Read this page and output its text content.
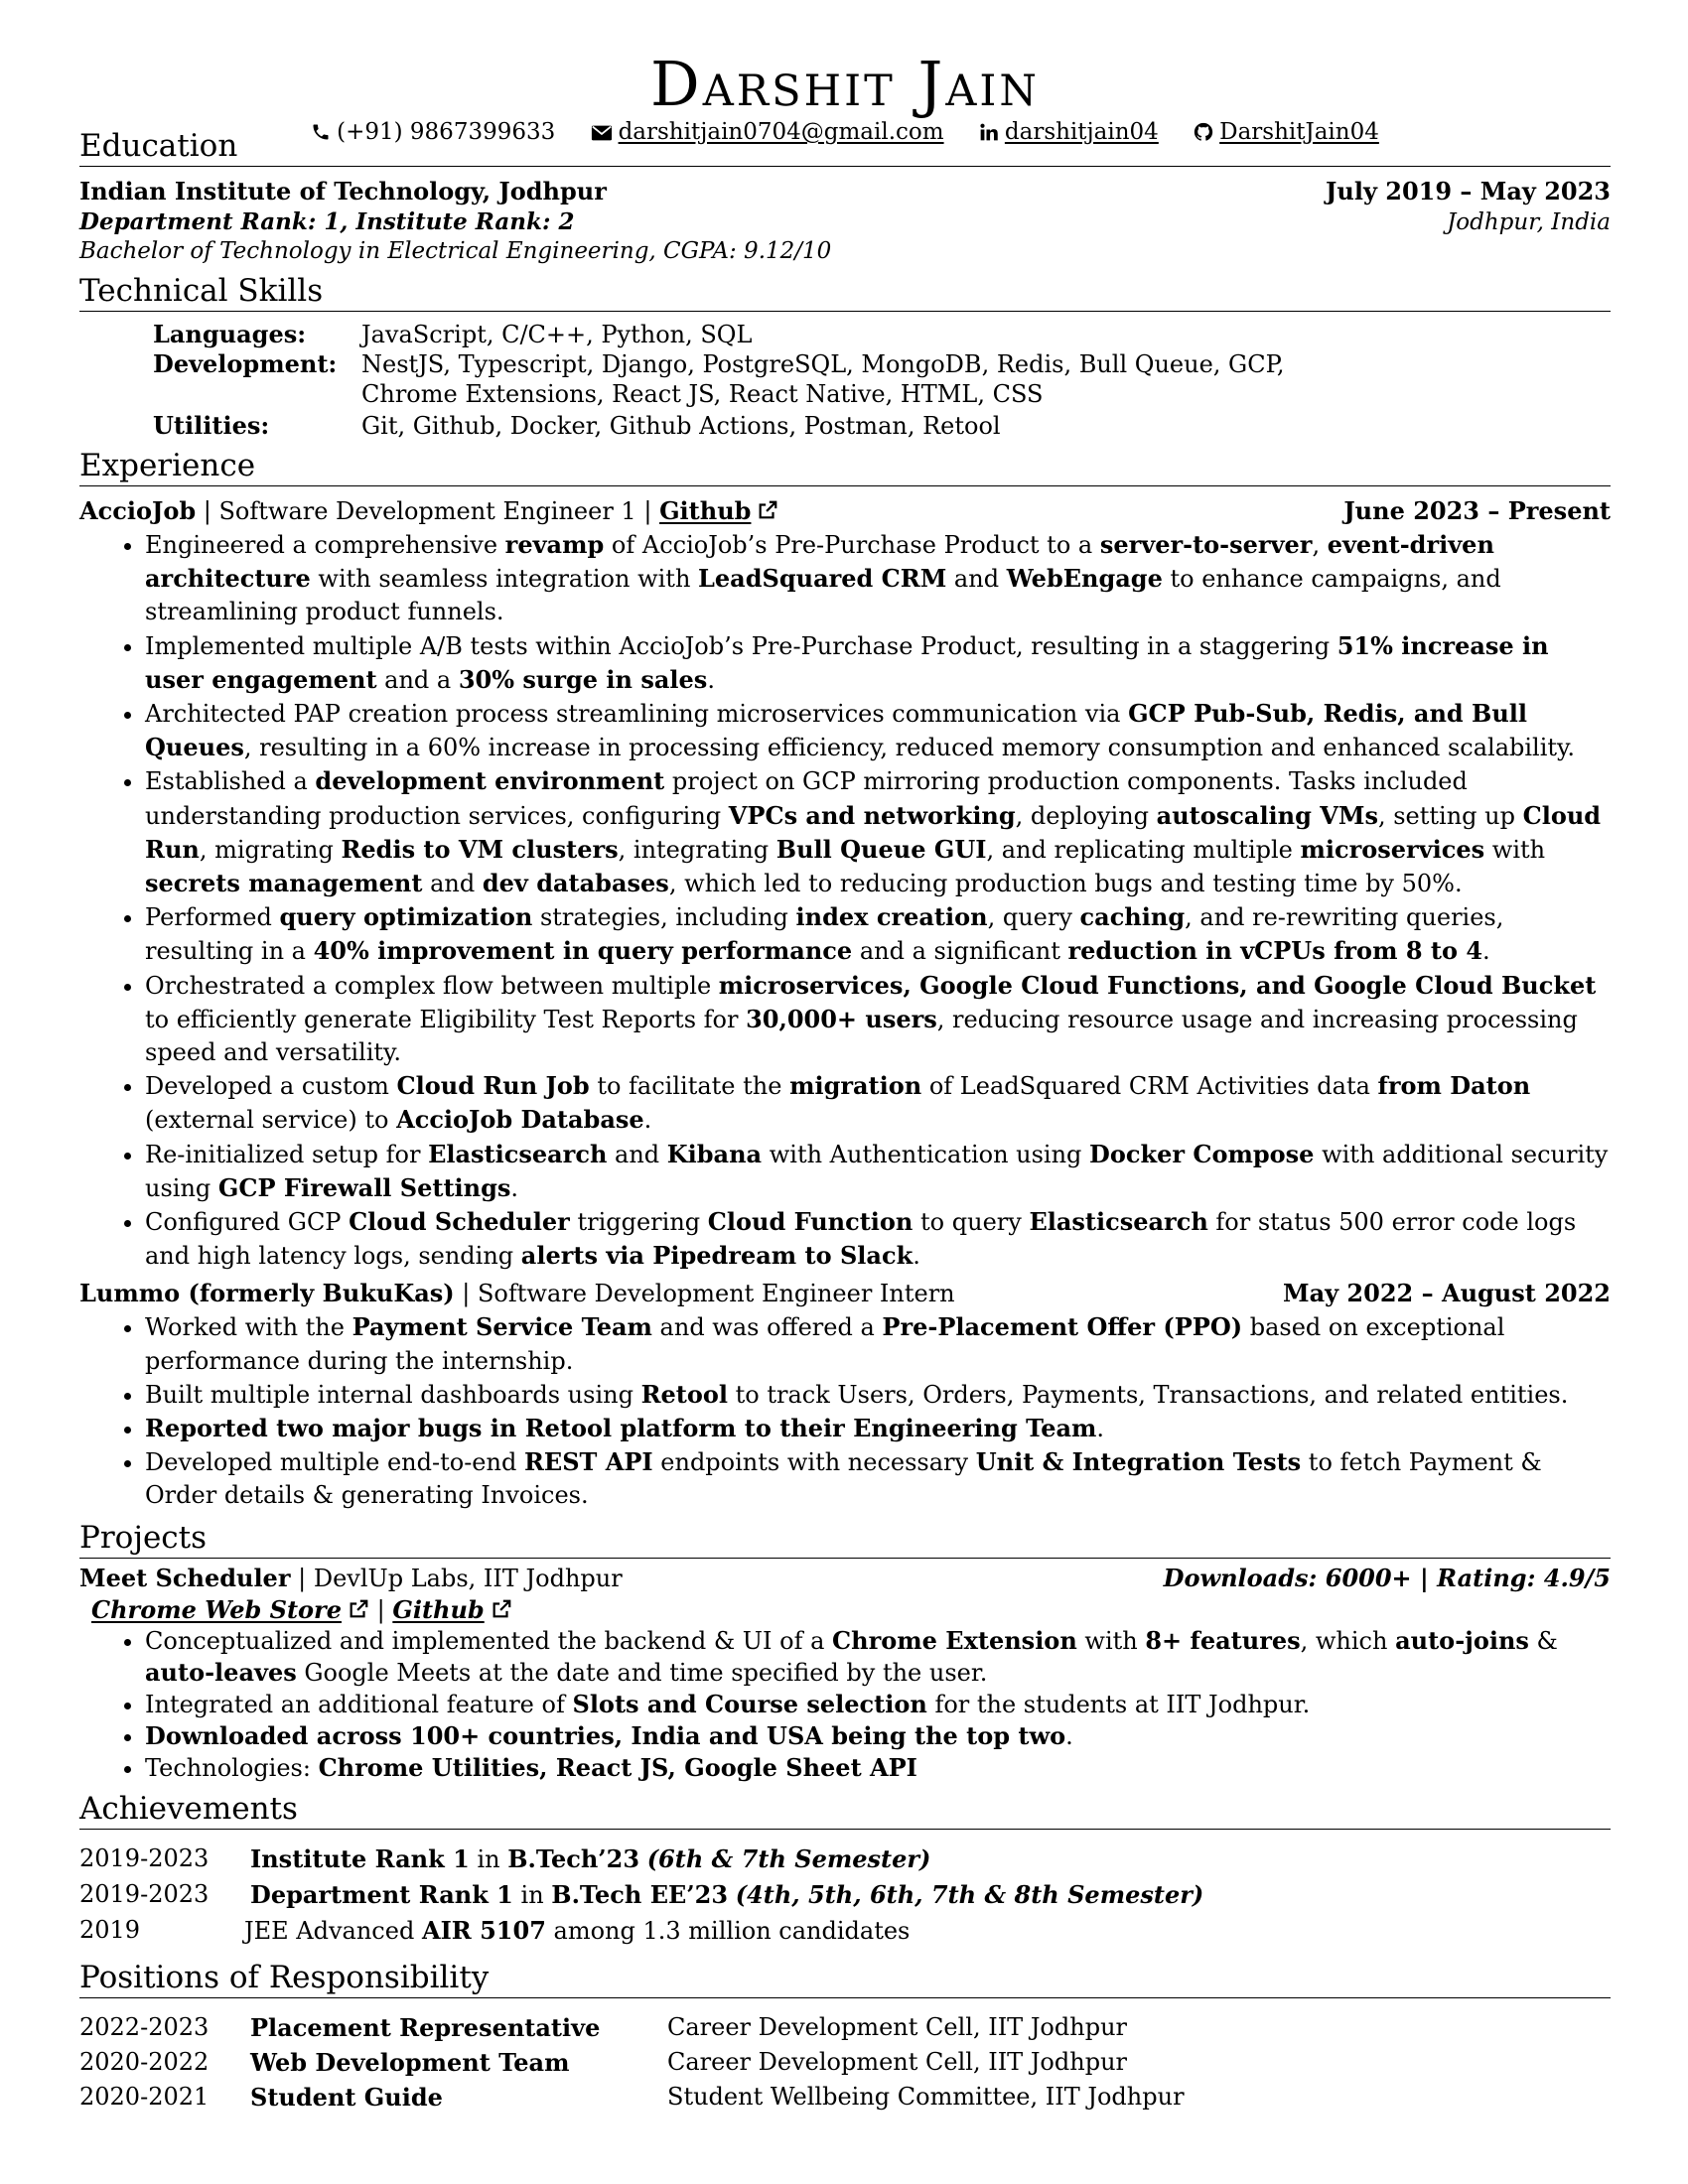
Darshit Jain
(+91) 9867399633	darshitjain0704@gmail.com	darshitjain04	DarshitJain04
Education
Indian Institute of Technology, Jodhpur	July 2019 – May 2023
Department Rank: 1, Institute Rank: 2	Jodhpur, India
Bachelor of Technology in Electrical Engineering, CGPA: 9.12/10
Technical Skills
Languages:	JavaScript, C/C++, Python, SQL
Development:	NestJS, Typescript, Django, PostgreSQL, MongoDB, Redis, Bull Queue, GCP, Chrome Extensions, React JS, React Native, HTML, CSS
Utilities:	Git, Github, Docker, Github Actions, Postman, Retool
Experience
AccioJob | Software Development Engineer 1 | Github	June 2023 – Present
• Engineered a comprehensive revamp of AccioJob’s Pre-Purchase Product to a server-to-server, event-driven architecture with seamless integration with LeadSquared CRM and WebEngage to enhance campaigns, and streamlining product funnels.
• Implemented multiple A/B tests within AccioJob’s Pre-Purchase Product, resulting in a staggering 51% increase in user engagement and a 30% surge in sales.
• Architected PAP creation process streamlining microservices communication via GCP Pub-Sub, Redis, and Bull Queues, resulting in a 60% increase in processing efficiency, reduced memory consumption and enhanced scalability.
• Established a development environment project on GCP mirroring production components. Tasks included understanding production services, configuring VPCs and networking, deploying autoscaling VMs, setting up Cloud Run, migrating Redis to VM clusters, integrating Bull Queue GUI, and replicating multiple microservices with secrets management and dev databases, which led to reducing production bugs and testing time by 50%.
• Performed query optimization strategies, including index creation, query caching, and re-rewriting queries, resulting in a 40% improvement in query performance and a significant reduction in vCPUs from 8 to 4.
• Orchestrated a complex flow between multiple microservices, Google Cloud Functions, and Google Cloud Bucket to efficiently generate Eligibility Test Reports for 30,000+ users, reducing resource usage and increasing processing speed and versatility.
• Developed a custom Cloud Run Job to facilitate the migration of LeadSquared CRM Activities data from Daton (external service) to AccioJob Database.
• Re-initialized setup for Elasticsearch and Kibana with Authentication using Docker Compose with additional security using GCP Firewall Settings.
• Configured GCP Cloud Scheduler triggering Cloud Function to query Elasticsearch for status 500 error code logs and high latency logs, sending alerts via Pipedream to Slack.
Lummo (formerly BukuKas) | Software Development Engineer Intern	May 2022 – August 2022
• Worked with the Payment Service Team and was offered a Pre-Placement Offer (PPO) based on exceptional performance during the internship.
• Built multiple internal dashboards using Retool to track Users, Orders, Payments, Transactions, and related entities.
• Reported two major bugs in Retool platform to their Engineering Team.
• Developed multiple end-to-end REST API endpoints with necessary Unit & Integration Tests to fetch Payment & Order details & generating Invoices.
Projects
Meet Scheduler | DevlUp Labs, IIT Jodhpur	Downloads: 6000+ | Rating: 4.9/5
Chrome Web Store | Github
• Conceptualized and implemented the backend & UI of a Chrome Extension with 8+ features, which auto-joins & auto-leaves Google Meets at the date and time specified by the user.
• Integrated an additional feature of Slots and Course selection for the students at IIT Jodhpur.
• Downloaded across 100+ countries, India and USA being the top two.
• Technologies: Chrome Utilities, React JS, Google Sheet API
Achievements
2019-2023	Institute Rank 1 in B.Tech’23 (6th & 7th Semester)
2019-2023	Department Rank 1 in B.Tech EE’23 (4th, 5th, 6th, 7th & 8th Semester)
2019	JEE Advanced AIR 5107 among 1.3 million candidates
Positions of Responsibility
2022-2023	Placement Representative	Career Development Cell, IIT Jodhpur
2020-2022	Web Development Team	Career Development Cell, IIT Jodhpur
2020-2021	Student Guide	Student Wellbeing Committee, IIT Jodhpur
